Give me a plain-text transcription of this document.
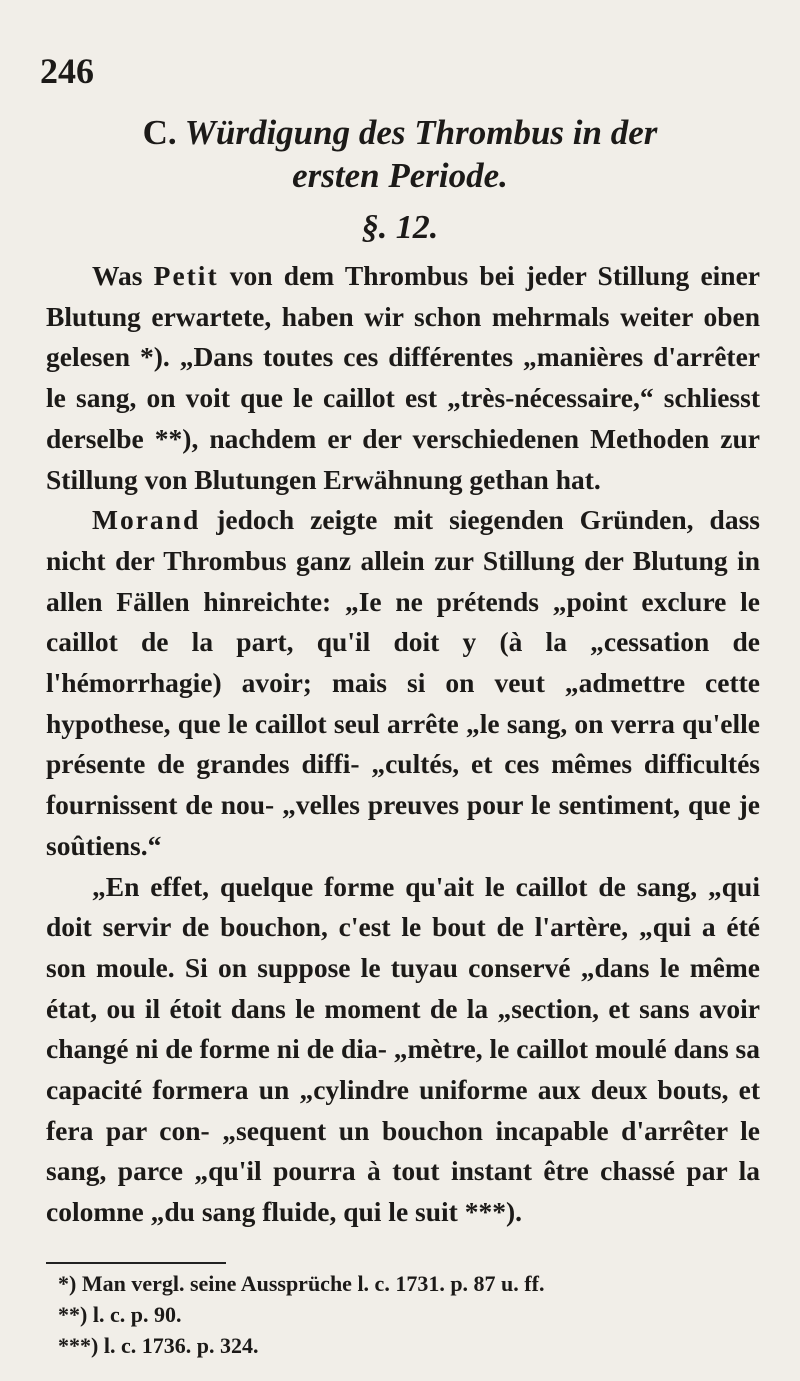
246
C. Würdigung des Thrombus in der
ersten Periode.
§. 12.

Was Petit von dem Thrombus bei jeder Stillung einer Blutung erwartete, haben wir schon mehrmals weiter oben gelesen *). „Dans toutes ces différentes „manières d'arrêter le sang, on voit que le caillot est „très-nécessaire,“ schliesst derselbe **), nachdem er der verschiedenen Methoden zur Stillung von Blutungen Erwähnung gethan hat.

Morand jedoch zeigte mit siegenden Gründen, dass nicht der Thrombus ganz allein zur Stillung der Blutung in allen Fällen hinreichte: „Ie ne prétends „point exclure le caillot de la part, qu'il doit y (à la „cessation de l'hémorrhagie) avoir; mais si on veut „admettre cette hypothese, que le caillot seul arrête „le sang, on verra qu'elle présente de grandes diffi- „cultés, et ces mêmes difficultés fournissent de nou- „velles preuves pour le sentiment, que je soûtiens.“

„En effet, quelque forme qu'ait le caillot de sang, „qui doit servir de bouchon, c'est le bout de l'artère, „qui a été son moule. Si on suppose le tuyau conservé „dans le même état, ou il étoit dans le moment de la „section, et sans avoir changé ni de forme ni de dia- „mètre, le caillot moulé dans sa capacité formera un „cylindre uniforme aux deux bouts, et fera par con- „sequent un bouchon incapable d'arrêter le sang, parce „qu'il pourra à tout instant être chassé par la colomne „du sang fluide, qui le suit ***).

*) Man vergl. seine Aussprüche l. c. 1731. p. 87 u. ff.

**) l. c. p. 90.

***) l. c. 1736. p. 324.
